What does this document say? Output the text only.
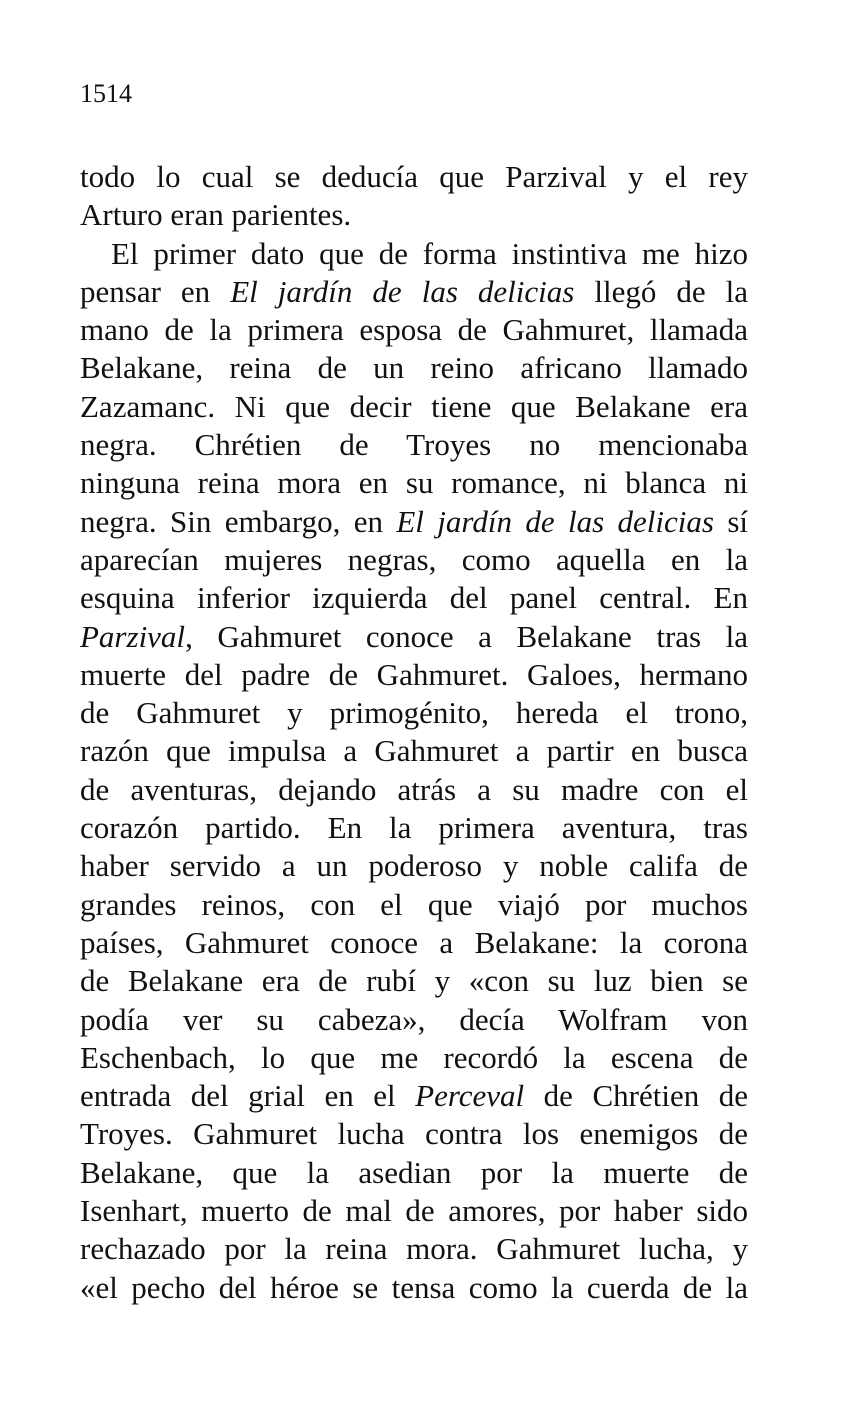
1514
todo lo cual se deducía que Parzival y el rey
Arturo eran parientes.
El primer dato que de forma instintiva me hizo
pensar en El jardín de las delicias llegó de la
mano de la primera esposa de Gahmuret, llamada
Belakane, reina de un reino africano llamado
Zazamanc. Ni que decir tiene que Belakane era
negra. Chrétien de Troyes no mencionaba
ninguna reina mora en su romance, ni blanca ni
negra. Sin embargo, en El jardín de las delicias sí
aparecían mujeres negras, como aquella en la
esquina inferior izquierda del panel central. En
Parzival, Gahmuret conoce a Belakane tras la
muerte del padre de Gahmuret. Galoes, hermano
de Gahmuret y primogénito, hereda el trono,
razón que impulsa a Gahmuret a partir en busca
de aventuras, dejando atrás a su madre con el
corazón partido. En la primera aventura, tras
haber servido a un poderoso y noble califa de
grandes reinos, con el que viajó por muchos
países, Gahmuret conoce a Belakane: la corona
de Belakane era de rubí y «con su luz bien se
podía ver su cabeza», decía Wolfram von
Eschenbach, lo que me recordó la escena de
entrada del grial en el Perceval de Chrétien de
Troyes. Gahmuret lucha contra los enemigos de
Belakane, que la asedian por la muerte de
Isenhart, muerto de mal de amores, por haber sido
rechazado por la reina mora. Gahmuret lucha, y
«el pecho del héroe se tensa como la cuerda de la
